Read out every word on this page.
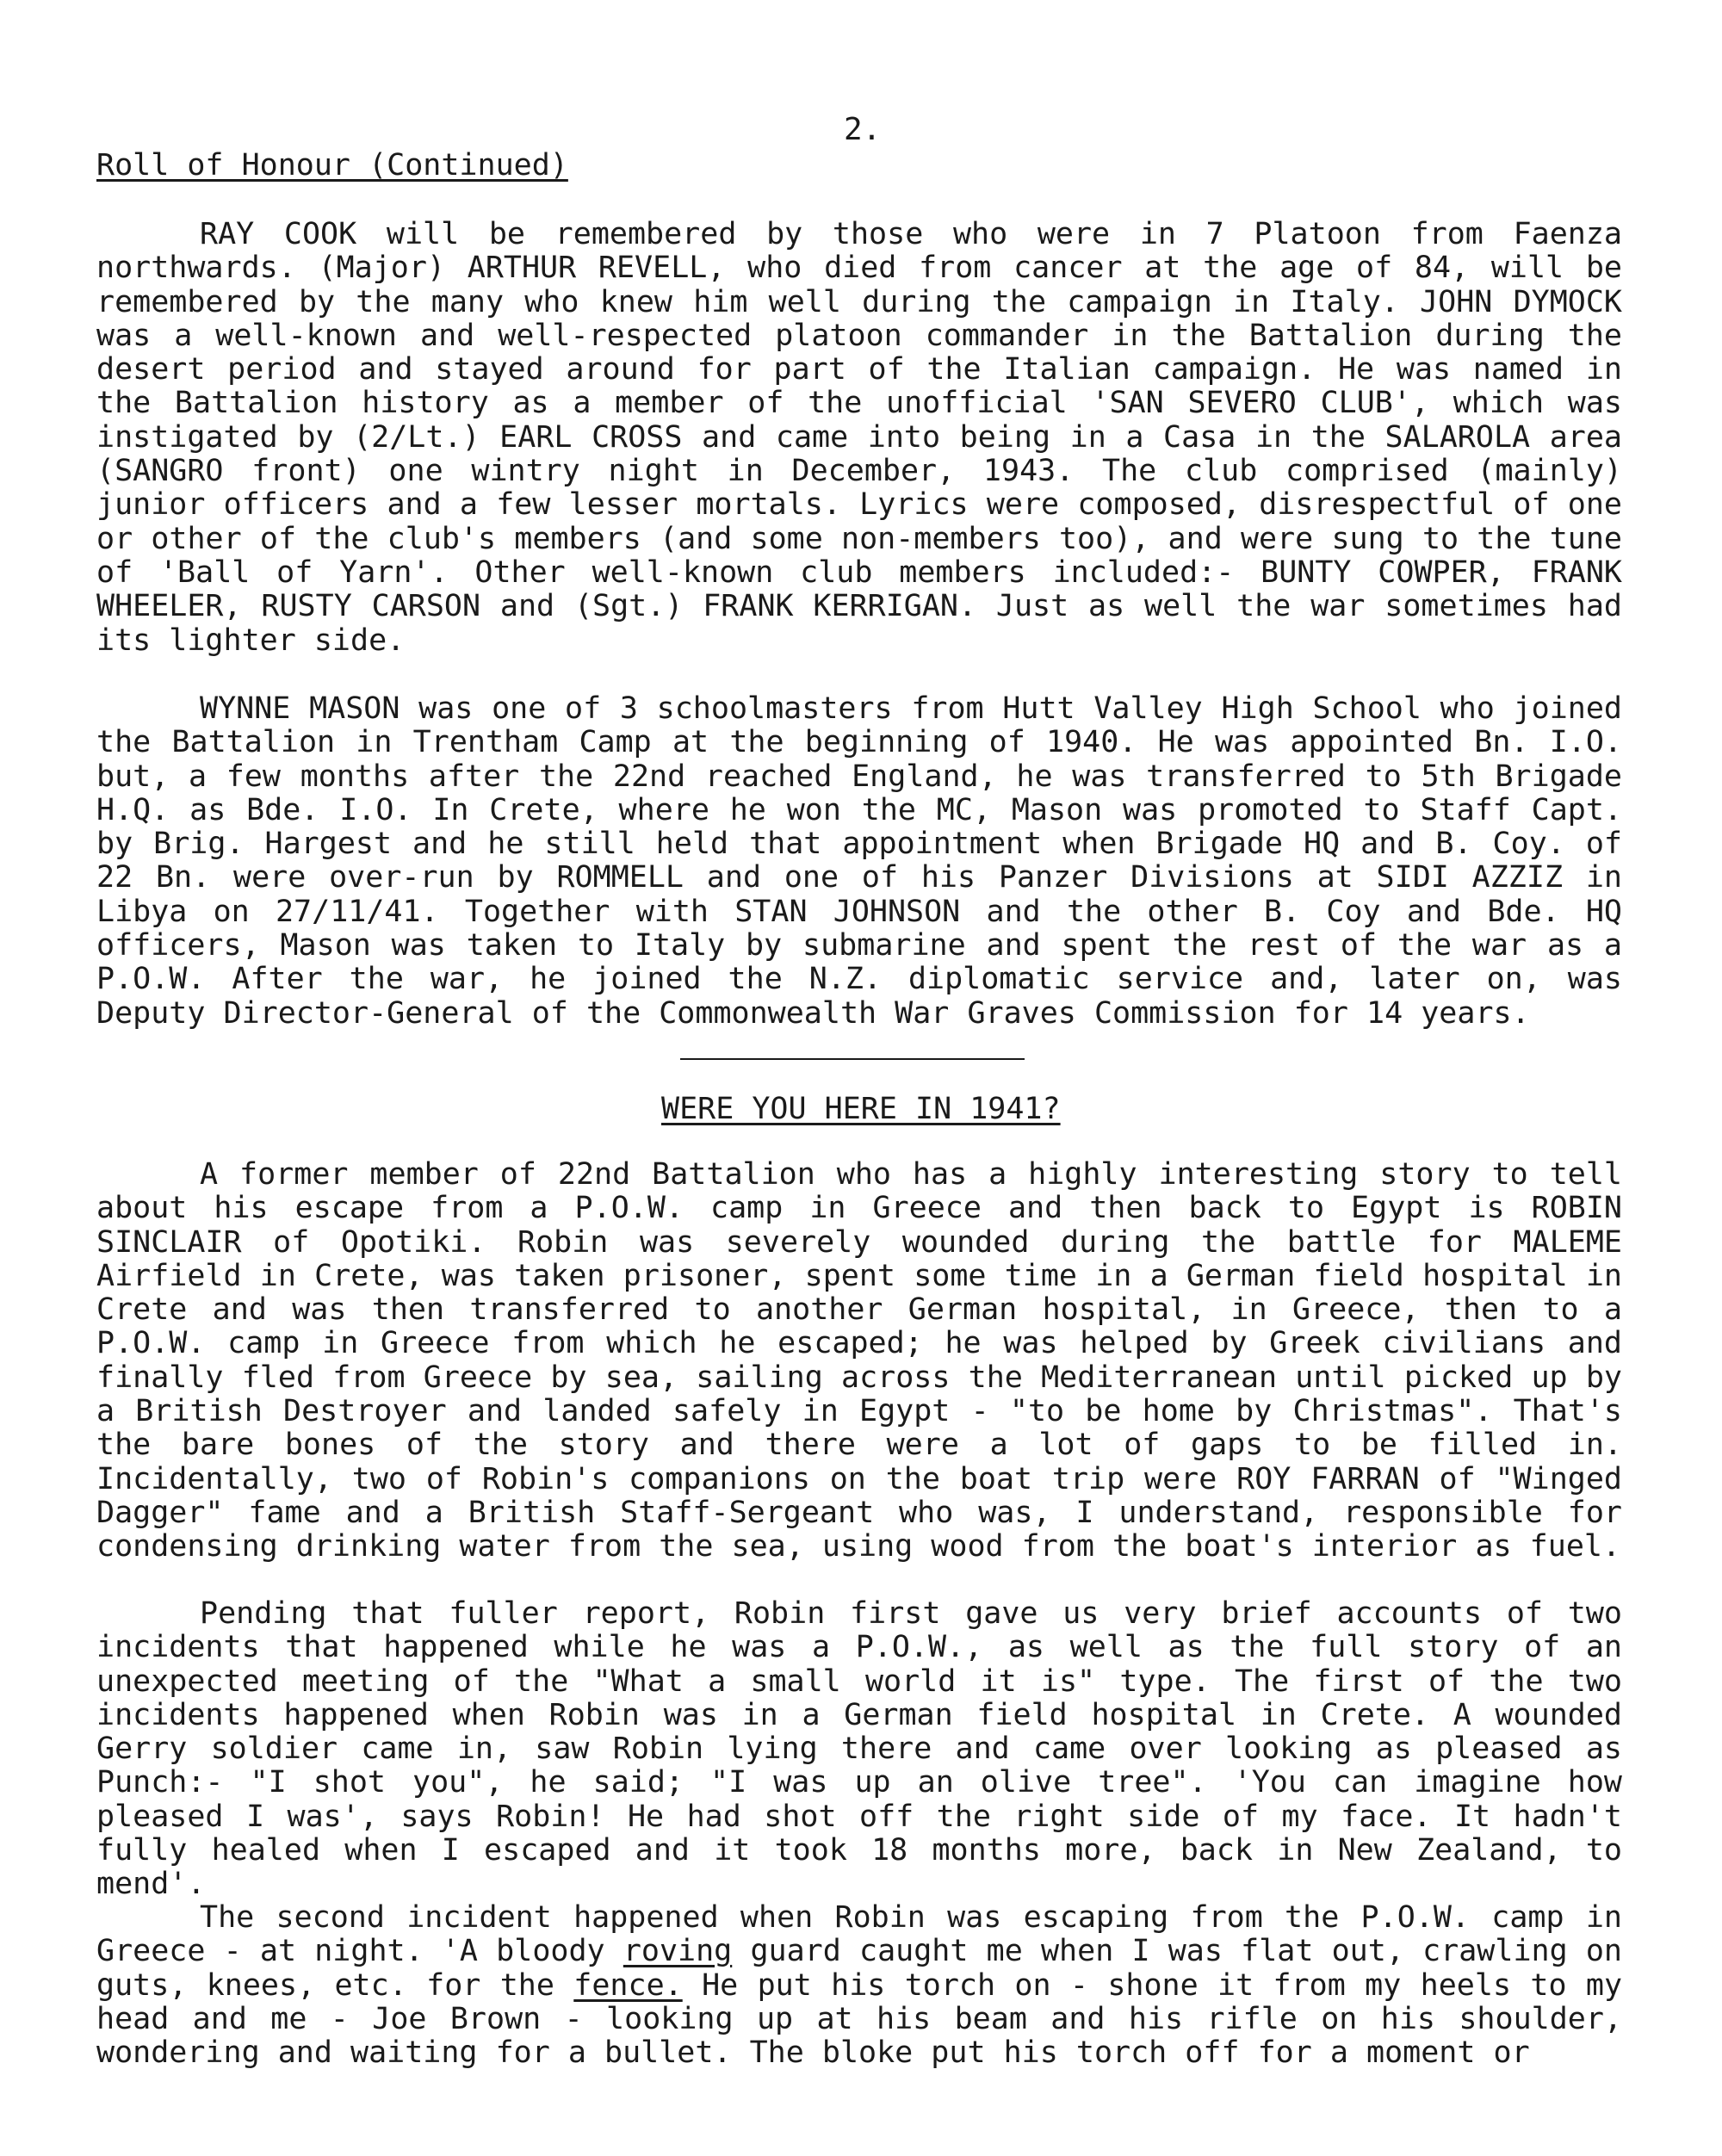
2.
Roll of Honour (Continued)

RAY COOK will be remembered by those who were in 7 Platoon from Faenza northwards. (Major) ARTHUR REVELL, who died from cancer at the age of 84, will be remembered by the many who knew him well during the campaign in Italy. JOHN DYMOCK was a well-known and well-respected platoon commander in the Battalion during the desert period and stayed around for part of the Italian campaign. He was named in the Battalion history as a member of the unofficial 'SAN SEVERO CLUB', which was instigated by (2/Lt.) EARL CROSS and came into being in a Casa in the SALAROLA area (SANGRO front) one wintry night in December, 1943. The club comprised (mainly) junior officers and a few lesser mortals. Lyrics were composed, disrespectful of one or other of the club's members (and some non-members too), and were sung to the tune of 'Ball of Yarn'. Other well-known club members included:- BUNTY COWPER, FRANK WHEELER, RUSTY CARSON and (Sgt.) FRANK KERRIGAN. Just as well the war sometimes had its lighter side.

WYNNE MASON was one of 3 schoolmasters from Hutt Valley High School who joined the Battalion in Trentham Camp at the beginning of 1940. He was appointed Bn. I.O. but, a few months after the 22nd reached England, he was transferred to 5th Brigade H.Q. as Bde. I.O. In Crete, where he won the MC, Mason was promoted to Staff Capt. by Brig. Hargest and he still held that appointment when Brigade HQ and B. Coy. of 22 Bn. were over-run by ROMMELL and one of his Panzer Divisions at SIDI AZZIZ in Libya on 27/11/41. Together with STAN JOHNSON and the other B. Coy and Bde. HQ officers, Mason was taken to Italy by submarine and spent the rest of the war as a P.O.W. After the war, he joined the N.Z. diplomatic service and, later on, was Deputy Director-General of the Commonwealth War Graves Commission for 14 years.

WERE YOU HERE IN 1941?

A former member of 22nd Battalion who has a highly interesting story to tell about his escape from a P.O.W. camp in Greece and then back to Egypt is ROBIN SINCLAIR of Opotiki. Robin was severely wounded during the battle for MALEME Airfield in Crete, was taken prisoner, spent some time in a German field hospital in Crete and was then transferred to another German hospital, in Greece, then to a P.O.W. camp in Greece from which he escaped; he was helped by Greek civilians and finally fled from Greece by sea, sailing across the Mediterranean until picked up by a British Destroyer and landed safely in Egypt - "to be home by Christmas". That's the bare bones of the story and there were a lot of gaps to be filled in. Incidentally, two of Robin's companions on the boat trip were ROY FARRAN of "Winged Dagger" fame and a British Staff-Sergeant who was, I understand, responsible for condensing drinking water from the sea, using wood from the boat's interior as fuel.

Pending that fuller report, Robin first gave us very brief accounts of two incidents that happened while he was a P.O.W., as well as the full story of an unexpected meeting of the "What a small world it is" type. The first of the two incidents happened when Robin was in a German field hospital in Crete. A wounded Gerry soldier came in, saw Robin lying there and came over looking as pleased as Punch:- "I shot you", he said; "I was up an olive tree". 'You can imagine how pleased I was', says Robin! He had shot off the right side of my face. It hadn't fully healed when I escaped and it took 18 months more, back in New Zealand, to mend'.

The second incident happened when Robin was escaping from the P.O.W. camp in Greece - at night. 'A bloody roving guard caught me when I was flat out, crawling on guts, knees, etc. for the fence. He put his torch on - shone it from my heels to my head and me - Joe Brown - looking up at his beam and his rifle on his shoulder, wondering and waiting for a bullet. The bloke put his torch off for a moment or
